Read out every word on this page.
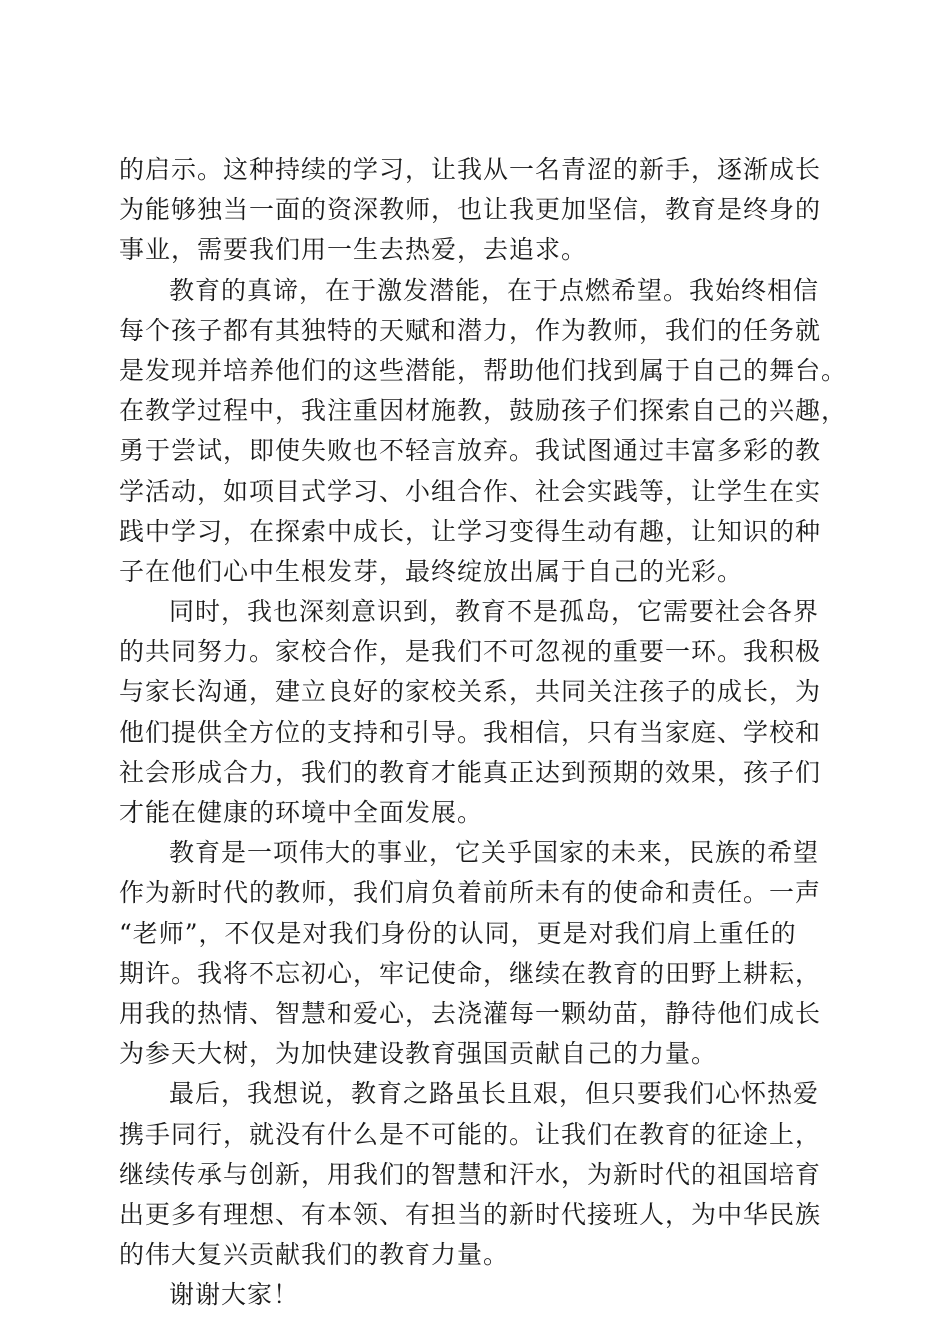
的启示。这种持续的学习，让我从一名青涩的新手，逐渐成长
为能够独当一面的资深教师，也让我更加坚信，教育是终身的
事业，需要我们用一生去热爱，去追求。
教育的真谛，在于激发潜能，在于点燃希望。我始终相信
每个孩子都有其独特的天赋和潜力，作为教师，我们的任务就
是发现并培养他们的这些潜能，帮助他们找到属于自己的舞台。
在教学过程中，我注重因材施教，鼓励孩子们探索自己的兴趣，
勇于尝试，即使失败也不轻言放弃。我试图通过丰富多彩的教
学活动，如项目式学习、小组合作、社会实践等，让学生在实
践中学习，在探索中成长，让学习变得生动有趣，让知识的种
子在他们心中生根发芽，最终绽放出属于自己的光彩。
同时，我也深刻意识到，教育不是孤岛，它需要社会各界
的共同努力。家校合作，是我们不可忽视的重要一环。我积极
与家长沟通，建立良好的家校关系，共同关注孩子的成长，为
他们提供全方位的支持和引导。我相信，只有当家庭、学校和
社会形成合力，我们的教育才能真正达到预期的效果，孩子们
才能在健康的环境中全面发展。
教育是一项伟大的事业，它关乎国家的未来，民族的希望
作为新时代的教师，我们肩负着前所未有的使命和责任。一声
“老师”，不仅是对我们身份的认同，更是对我们肩上重任的
期许。我将不忘初心，牢记使命，继续在教育的田野上耕耘，
用我的热情、智慧和爱心，去浇灌每一颗幼苗，静待他们成长
为参天大树，为加快建设教育强国贡献自己的力量。
最后，我想说，教育之路虽长且艰，但只要我们心怀热爱
携手同行，就没有什么是不可能的。让我们在教育的征途上，
继续传承与创新，用我们的智慧和汗水，为新时代的祖国培育
出更多有理想、有本领、有担当的新时代接班人，为中华民族
的伟大复兴贡献我们的教育力量。
谢谢大家！
